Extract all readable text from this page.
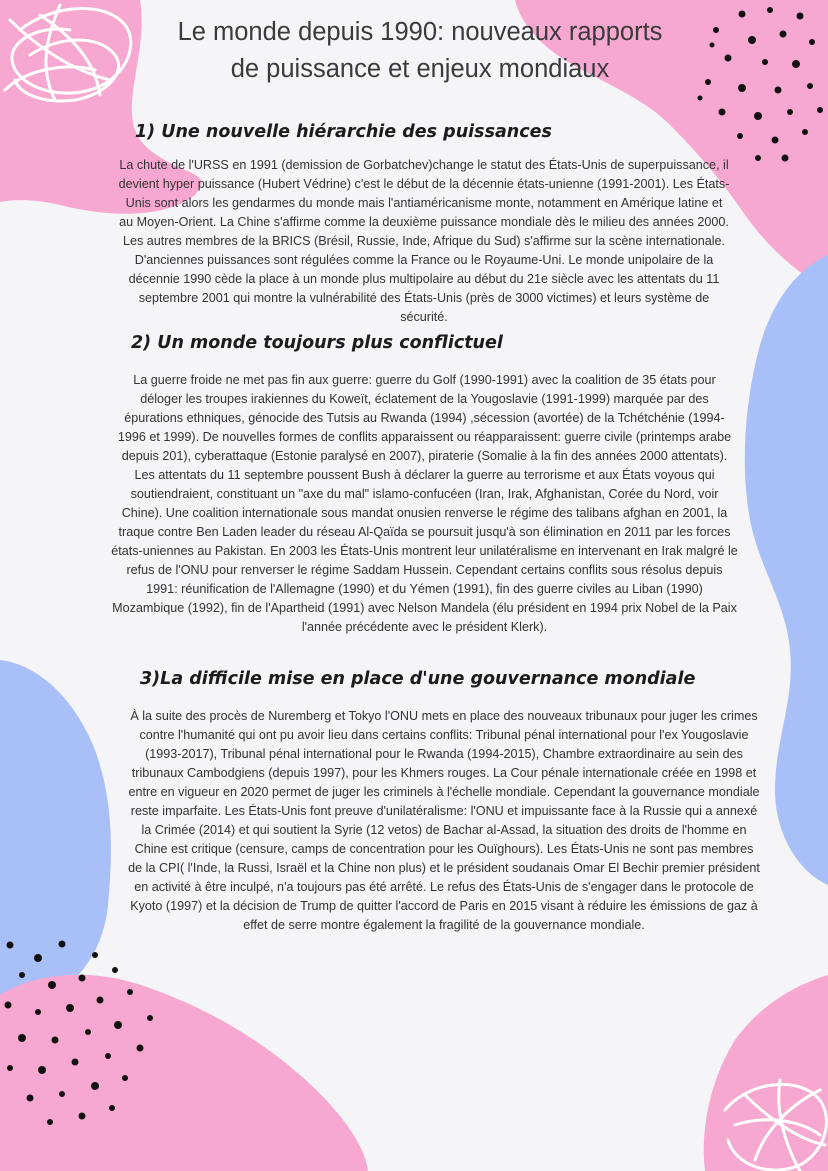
Le monde depuis 1990: nouveaux rapports
de puissance et enjeux mondiaux
1) Une nouvelle hiérarchie des puissances

La chute de l'URSS en 1991 (demission de Gorbatchev)change le statut des États-Unis de superpuissance, il devient hyper puissance (Hubert Védrine) c'est le début de la décennie états-unienne (1991-2001). Les États-Unis sont alors les gendarmes du monde mais l'antiaméricanisme monte, notamment en Amérique latine et au Moyen-Orient. La Chine s'affirme comme la deuxième puissance mondiale dès le milieu des années 2000. Les autres membres de la BRICS (Brésil, Russie, Inde, Afrique du Sud) s'affirme sur la scène internationale. D'anciennes puissances sont régulées comme la France ou le Royaume-Uni. Le monde unipolaire de la décennie 1990 cède la place à un monde plus multipolaire au début du 21e siècle avec les attentats du 11 septembre 2001 qui montre la vulnérabilité des États-Unis (près de 3000 victimes) et leurs système de sécurité.

2) Un monde toujours plus conflictuel

La guerre froide ne met pas fin aux guerre: guerre du Golf (1990-1991) avec la coalition de 35 états pour déloger les troupes irakiennes du Koweït, éclatement de la Yougoslavie (1991-1999) marquée par des épurations ethniques, génocide des Tutsis au Rwanda (1994) ,sécession (avortée) de la Tchétchénie (1994-1996 et 1999). De nouvelles formes de conflits apparaissent ou réapparaissent: guerre civile (printemps arabe depuis 201), cyberattaque (Estonie paralysé en 2007), piraterie (Somalie à la fin des années 2000 attentats). Les attentats du 11 septembre poussent Bush à déclarer la guerre au terrorisme et aux États voyous qui soutiendraient, constituant un "axe du mal" islamo-confucéen (Iran, Irak, Afghanistan, Corée du Nord, voir Chine). Une coalition internationale sous mandat onusien renverse le régime des talibans afghan en 2001, la traque contre Ben Laden leader du réseau Al-Qaïda se poursuit jusqu'à son élimination en 2011 par les forces états-uniennes au Pakistan. En 2003 les États-Unis montrent leur unilatéralisme en intervenant en Irak malgré le refus de l'ONU pour renverser le régime Saddam Hussein. Cependant certains conflits sous résolus depuis 1991: réunification de l'Allemagne (1990) et du Yémen (1991), fin des guerre civiles au Liban (1990) Mozambique (1992), fin de l'Apartheid (1991) avec Nelson Mandela (élu président en 1994 prix Nobel de la Paix l'année précédente avec le président Klerk).

3)La difficile mise en place d'une gouvernance mondiale

À la suite des procès de Nuremberg et Tokyo l'ONU mets en place des nouveaux tribunaux pour juger les crimes contre l'humanité qui ont pu avoir lieu dans certains conflits: Tribunal pénal international pour l'ex Yougoslavie (1993-2017), Tribunal pénal international pour le Rwanda (1994-2015), Chambre extraordinaire au sein des tribunaux Cambodgiens (depuis 1997), pour les Khmers rouges. La Cour pénale internationale créée en 1998 et entre en vigueur en 2020 permet de juger les criminels à l'échelle mondiale. Cependant la gouvernance mondiale reste imparfaite. Les États-Unis font preuve d'unilatéralisme: l'ONU et impuissante face à la Russie qui a annexé la Crimée (2014) et qui soutient la Syrie (12 vetos) de Bachar al-Assad, la situation des droits de l'homme en Chine est critique (censure, camps de concentration pour les Ouïghours). Les États-Unis ne sont pas membres de la CPI( l'Inde, la Russi, Israël et la Chine non plus) et le président soudanais Omar El Bechir premier président en activité à être inculpé, n'a toujours pas été arrêté. Le refus des États-Unis de s'engager dans le protocole de Kyoto (1997) et la décision de Trump de quitter l'accord de Paris en 2015 visant à réduire les émissions de gaz à effet de serre montre également la fragilité de la gouvernance mondiale.
